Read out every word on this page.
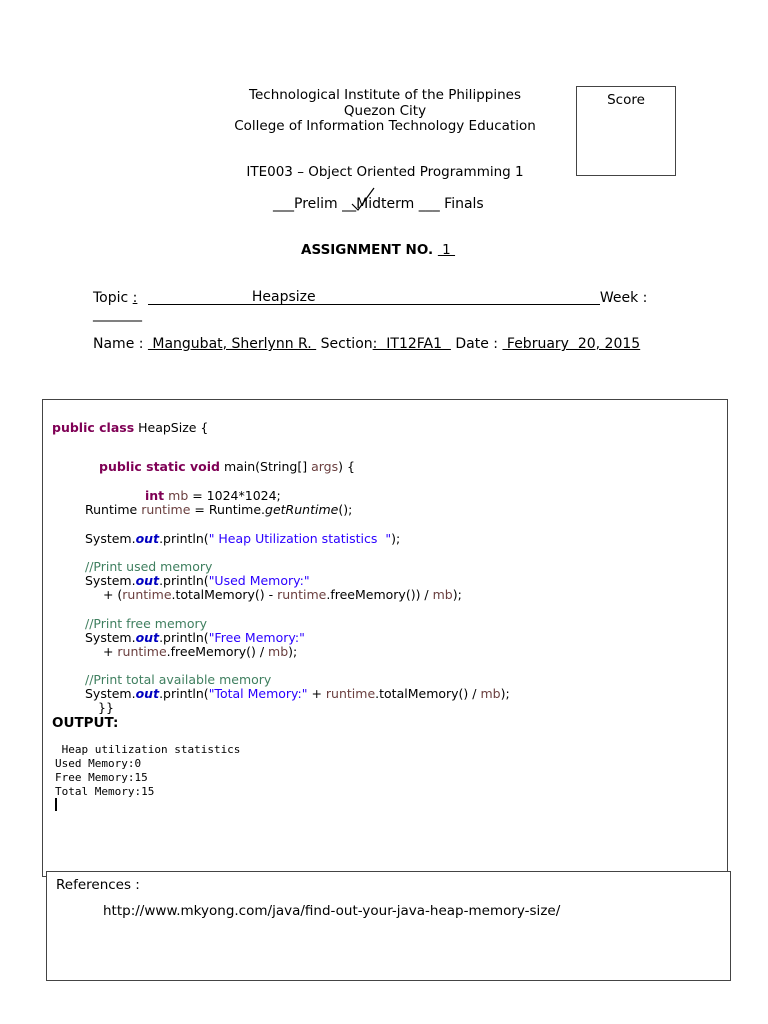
Technological Institute of the Philippines
Quezon City
College of Information Technology Education
ITE003 – Object Oriented Programming 1
___Prelim __Midterm ___ Finals
ASSIGNMENT NO.  1
Score
Topic :	Heapsize	Week :
_______
Name :  Mangubat, Sherlynn R.  Section:  IT12FA1   Date :  February  20, 2015
public class HeapSize {
public static void main(String[] args) {
int mb = 1024*1024;
Runtime runtime = Runtime.getRuntime();
System.out.println(" Heap Utilization statistics  ");
//Print used memory
System.out.println("Used Memory:"
+ (runtime.totalMemory() - runtime.freeMemory()) / mb);
//Print free memory
System.out.println("Free Memory:"
+ runtime.freeMemory() / mb);
//Print total available memory
System.out.println("Total Memory:" + runtime.totalMemory() / mb);
}}
OUTPUT:
Heap utilization statistics
Used Memory:0
Free Memory:15
Total Memory:15
References :
http://www.mkyong.com/java/find-out-your-java-heap-memory-size/
